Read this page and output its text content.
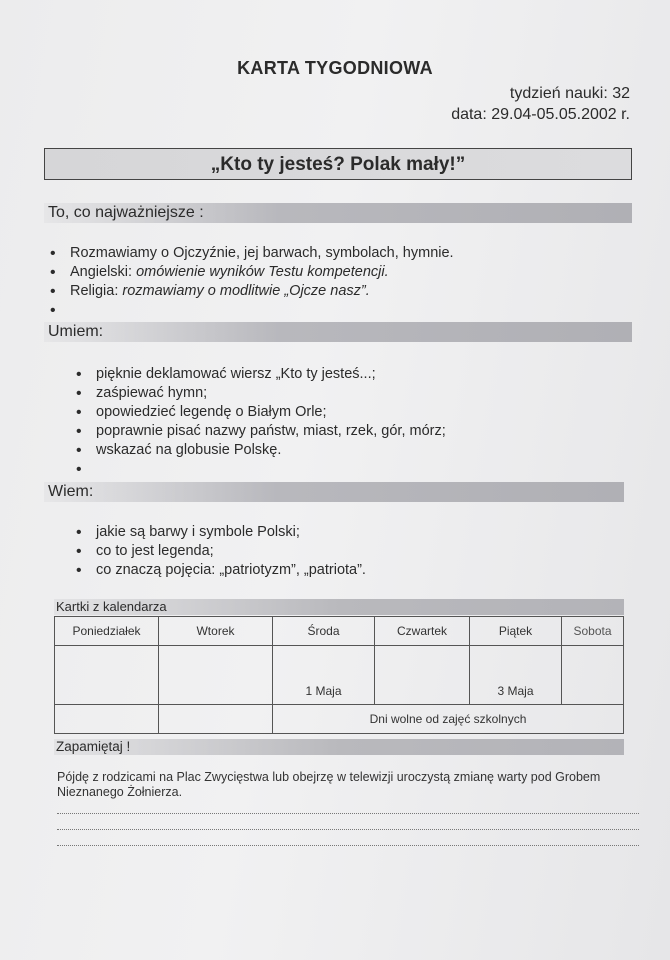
KARTA TYGODNIOWA
tydzień nauki: 32
data: 29.04-05.05.2002 r.
„Kto ty jesteś? Polak mały!”
To, co najważniejsze :
• Rozmawiamy o Ojczyźnie, jej barwach, symbolach, hymnie.
• Angielski: omówienie wyników Testu kompetencji.
• Religia: rozmawiamy o modlitwie „Ojcze nasz”.
•
Umiem:
• pięknie deklamować wiersz „Kto ty jesteś...;
• zaśpiewać hymn;
• opowiedzieć legendę o Białym Orle;
• poprawnie pisać nazwy państw, miast, rzek, gór, mórz;
• wskazać na globusie Polskę.
•
Wiem:
• jakie są barwy i symbole Polski;
• co to jest legenda;
• co znaczą pojęcia: „patriotyzm”, „patriota”.
Kartki z kalendarza
Poniedziałek	Wtorek	Środa	Czwartek	Piątek	Sobota
		1 Maja		3 Maja	
		Dni wolne od zajęć szkolnych			
Zapamiętaj !
Pójdę z rodzicami na Plac Zwycięstwa lub obejrzę w telewizji uroczystą zmianę warty pod Grobem Nieznanego Żołnierza.
